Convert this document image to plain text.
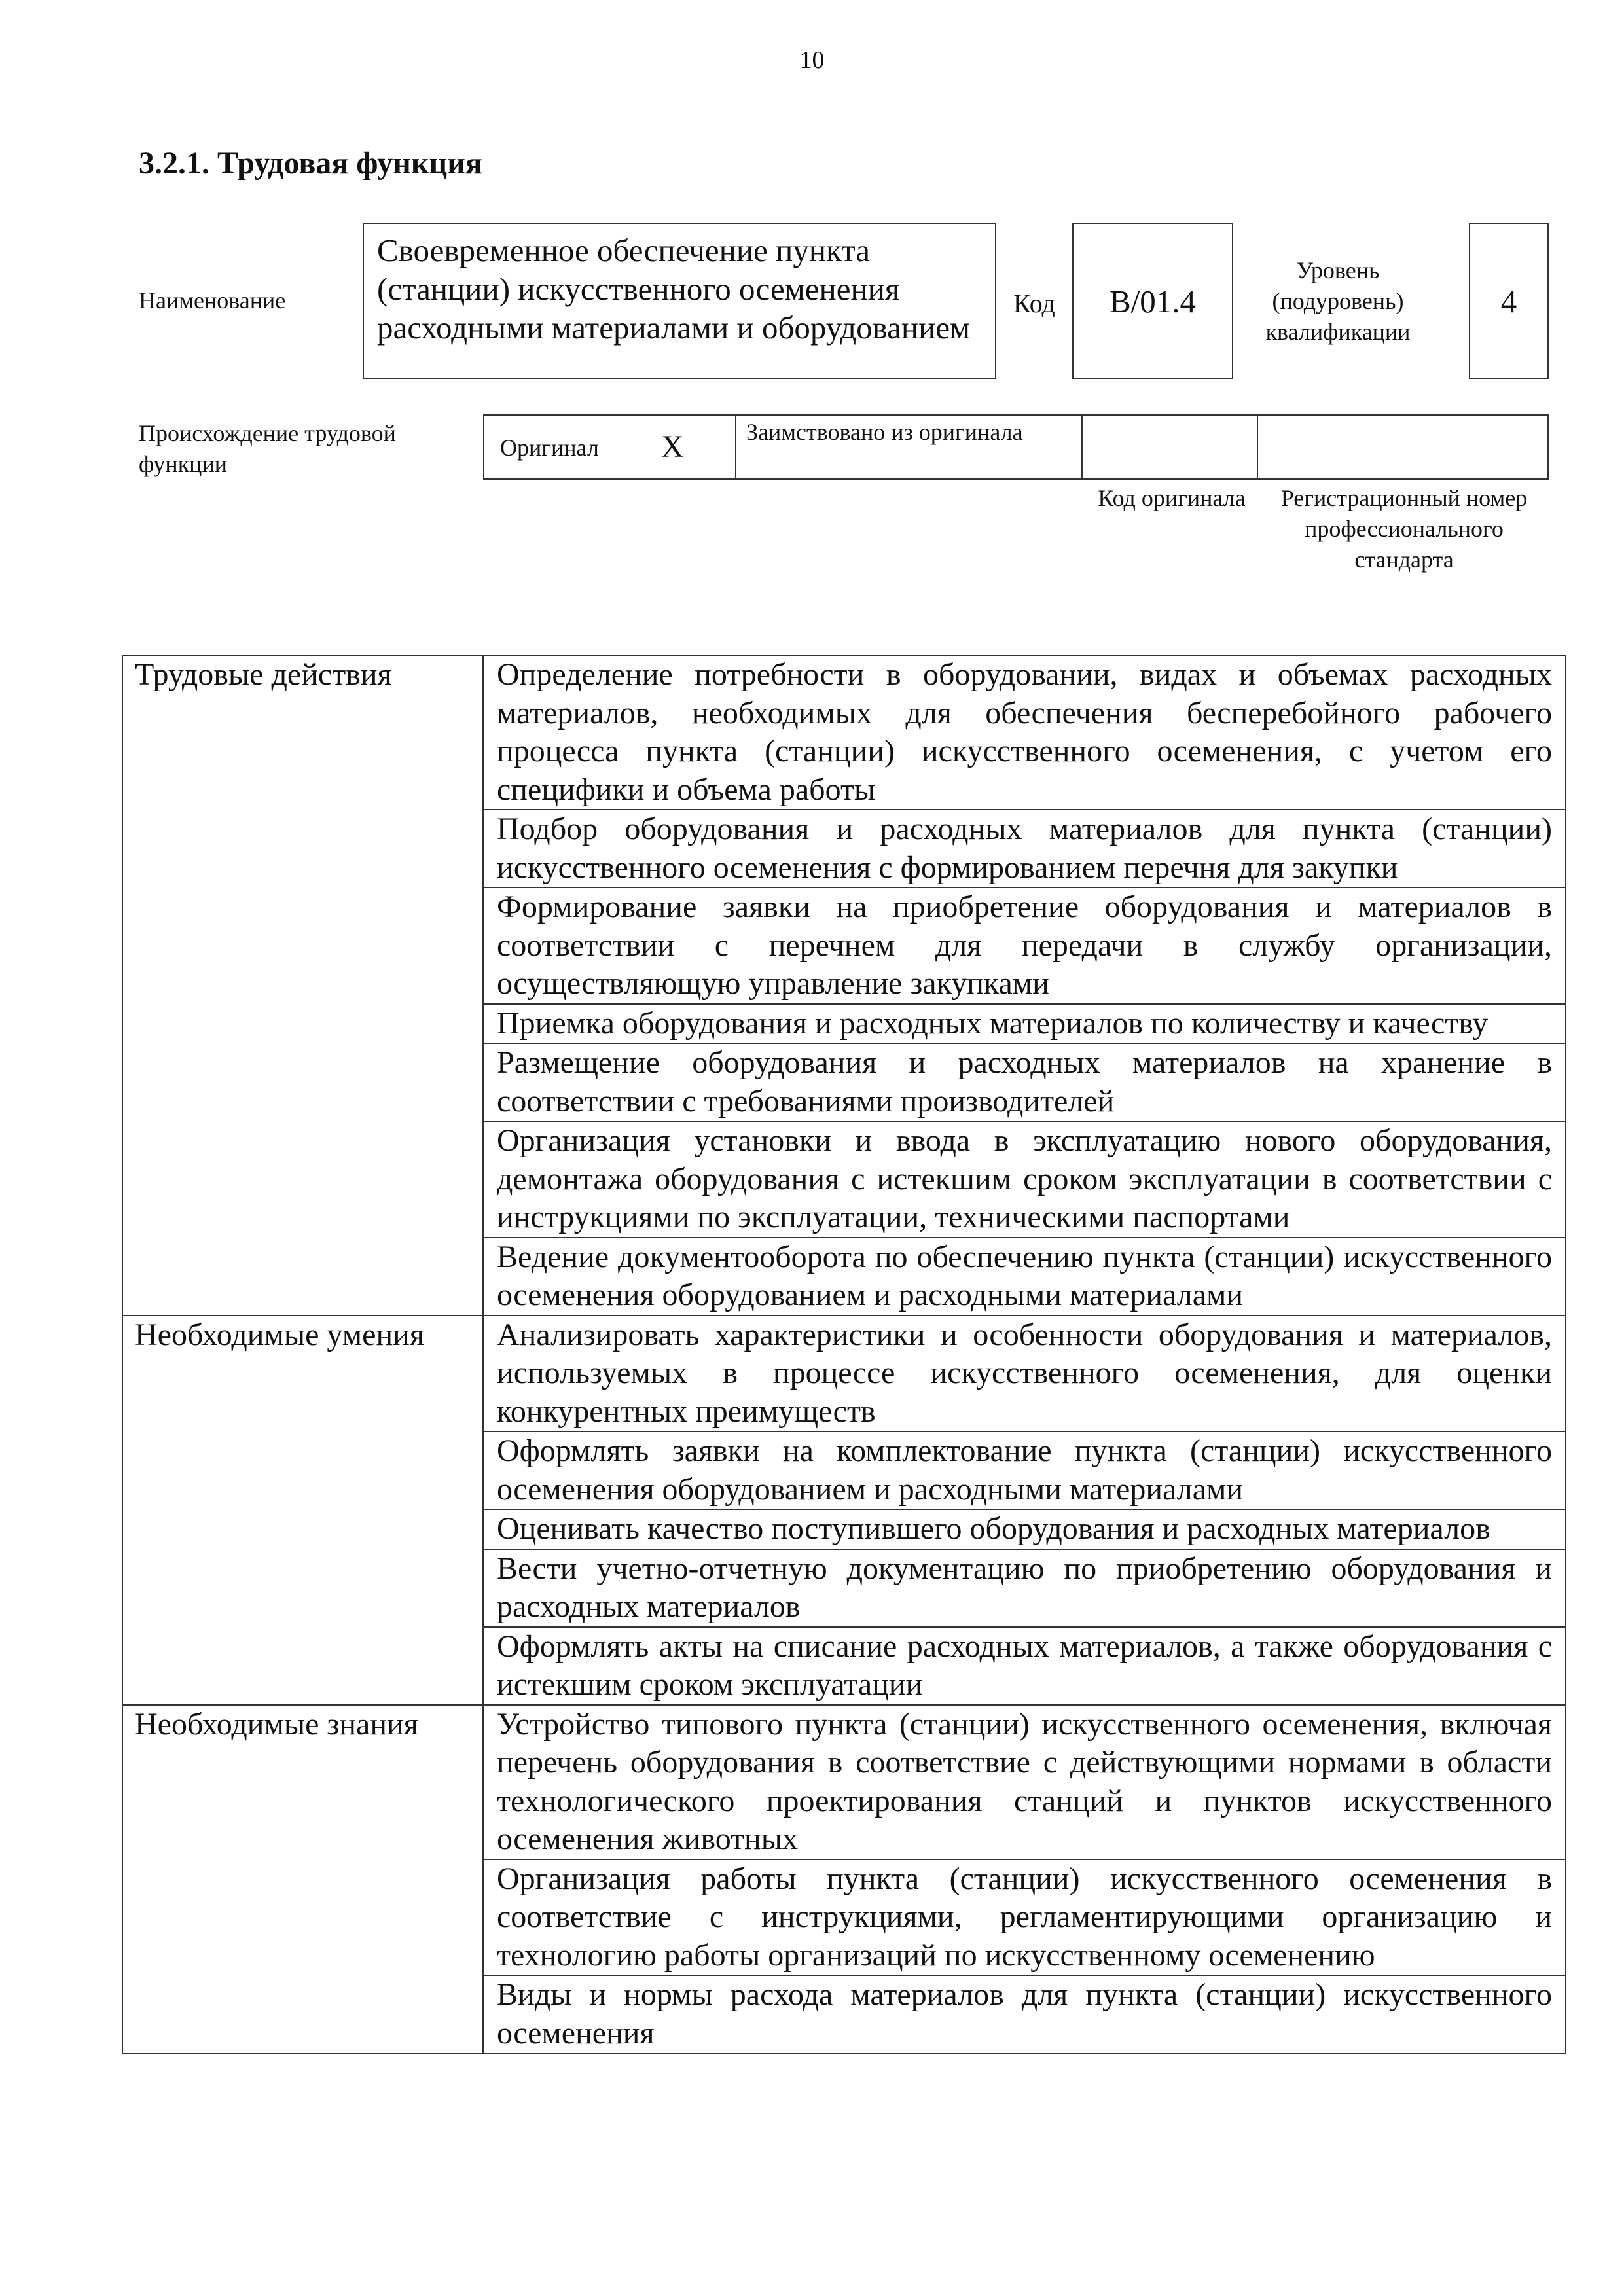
10
3.2.1. Трудовая функция
Наименование
Своевременное обеспечение пункта (станции) искусственного осеменения расходными материалами и оборудованием
Код	B/01.4
Уровень (подуровень) квалификации
4
Происхождение трудовой функции
Оригинал X	Заимствовано из оригинала
Код оригинала	Регистрационный номер профессионального стандарта
Трудовые действия	Определение потребности в оборудовании, видах и объемах расходных материалов, необходимых для обеспечения бесперебойного рабочего процесса пункта (станции) искусственного осеменения, с учетом его специфики и объема работы
	Подбор оборудования и расходных материалов для пункта (станции) искусственного осеменения с формированием перечня для закупки
	Формирование заявки на приобретение оборудования и материалов в соответствии с перечнем для передачи в службу организации, осуществляющую управление закупками
	Приемка оборудования и расходных материалов по количеству и качеству
	Размещение оборудования и расходных материалов на хранение в соответствии с требованиями производителей
	Организация установки и ввода в эксплуатацию нового оборудования, демонтажа оборудования с истекшим сроком эксплуатации в соответствии с инструкциями по эксплуатации, техническими паспортами
	Ведение документооборота по обеспечению пункта (станции) искусственного осеменения оборудованием и расходными материалами
Необходимые умения	Анализировать характеристики и особенности оборудования и материалов, используемых в процессе искусственного осеменения, для оценки конкурентных преимуществ
	Оформлять заявки на комплектование пункта (станции) искусственного осеменения оборудованием и расходными материалами
	Оценивать качество поступившего оборудования и расходных материалов
	Вести учетно-отчетную документацию по приобретению оборудования и расходных материалов
	Оформлять акты на списание расходных материалов, а также оборудования с истекшим сроком эксплуатации
Необходимые знания	Устройство типового пункта (станции) искусственного осеменения, включая перечень оборудования в соответствие с действующими нормами в области технологического проектирования станций и пунктов искусственного осеменения животных
	Организация работы пункта (станции) искусственного осеменения в соответствие с инструкциями, регламентирующими организацию и технологию работы организаций по искусственному осеменению
	Виды и нормы расхода материалов для пункта (станции) искусственного осеменения
